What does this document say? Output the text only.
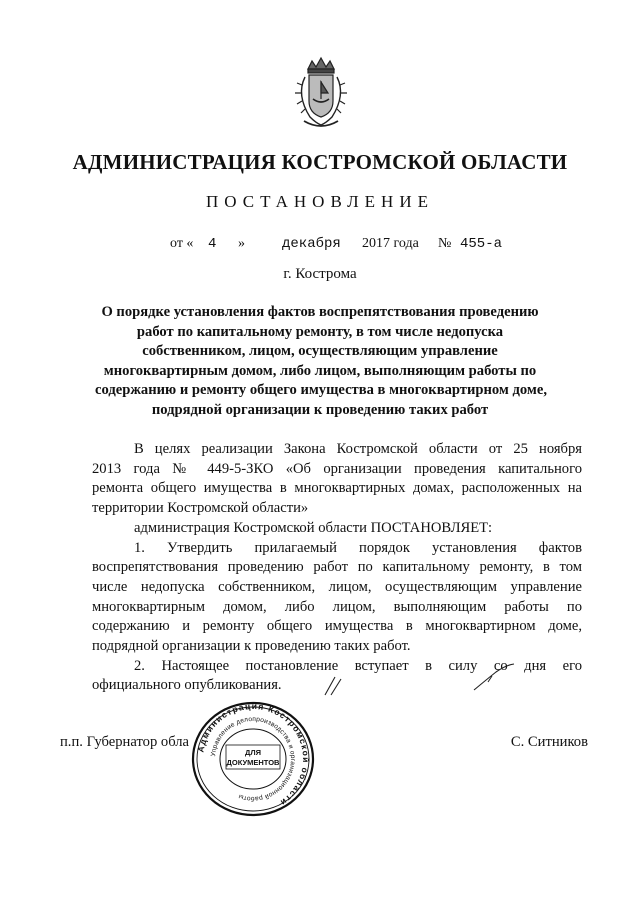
АДМИНИСТРАЦИЯ КОСТРОМСКОЙ ОБЛАСТИ
ПОСТАНОВЛЕНИЕ
от « 4 »	декабря 2017 года № 455-а
г. Кострома
О порядке установления фактов воспрепятствования проведению
работ по капитальному ремонту, в том числе недопуска
собственником, лицом, осуществляющим управление
многоквартирным домом, либо лицом, выполняющим работы по
содержанию и ремонту общего имущества в многоквартирном доме,
подрядной организации к проведению таких работ
В целях реализации Закона Костромской области от 25 ноября
2013 года № 449-5-ЗКО «Об организации проведения капитального
ремонта общего имущества в многоквартирных домах, расположенных на
территории Костромской области»
администрация Костромской области ПОСТАНОВЛЯЕТ:
1. Утвердить прилагаемый порядок установления фактов
воспрепятствования проведению работ по капитальному ремонту, в том
числе недопуска собственником, лицом, осуществляющим управление
многоквартирным домом, либо лицом, выполняющим работы по
содержанию и ремонту общего имущества в многоквартирном доме,
подрядной организации к проведению таких работ.
2. Настоящее постановление вступает в силу со дня его
официального опубликования.
п.п. Губернатор обла	С. Ситников
Администрация Костромской области
Управление делопроизводства и организационной работы
ДЛЯ
ДОКУМЕНТОВ
